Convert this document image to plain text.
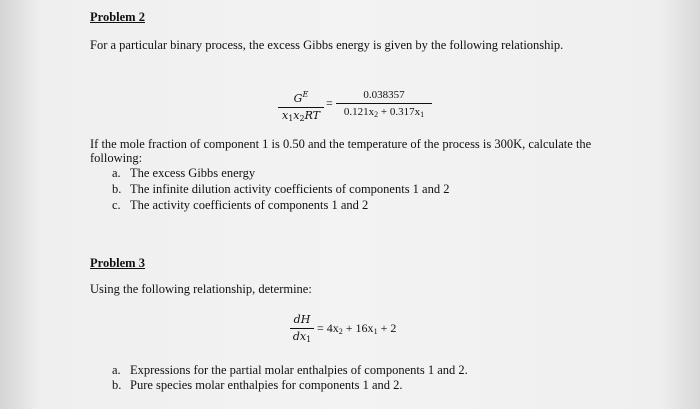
Problem 2
For a particular binary process, the excess Gibbs energy is given by the following relationship.
$G^E$
$x_1x_2RT$
=
0.038357
$0.121x_2 + 0.317x_1$
If the mole fraction of component 1 is 0.50 and the temperature of the process is 300K, calculate the
following:
a. The excess Gibbs energy
b. The infinite dilution activity coefficients of components 1 and 2
c. The activity coefficients of components 1 and 2
Problem 3
Using the following relationship, determine:
dH
$dx_1$
= $4x_2 + 16x_1 + 2$
a. Expressions for the partial molar enthalpies of components 1 and 2.
b. Pure species molar enthalpies for components 1 and 2.
